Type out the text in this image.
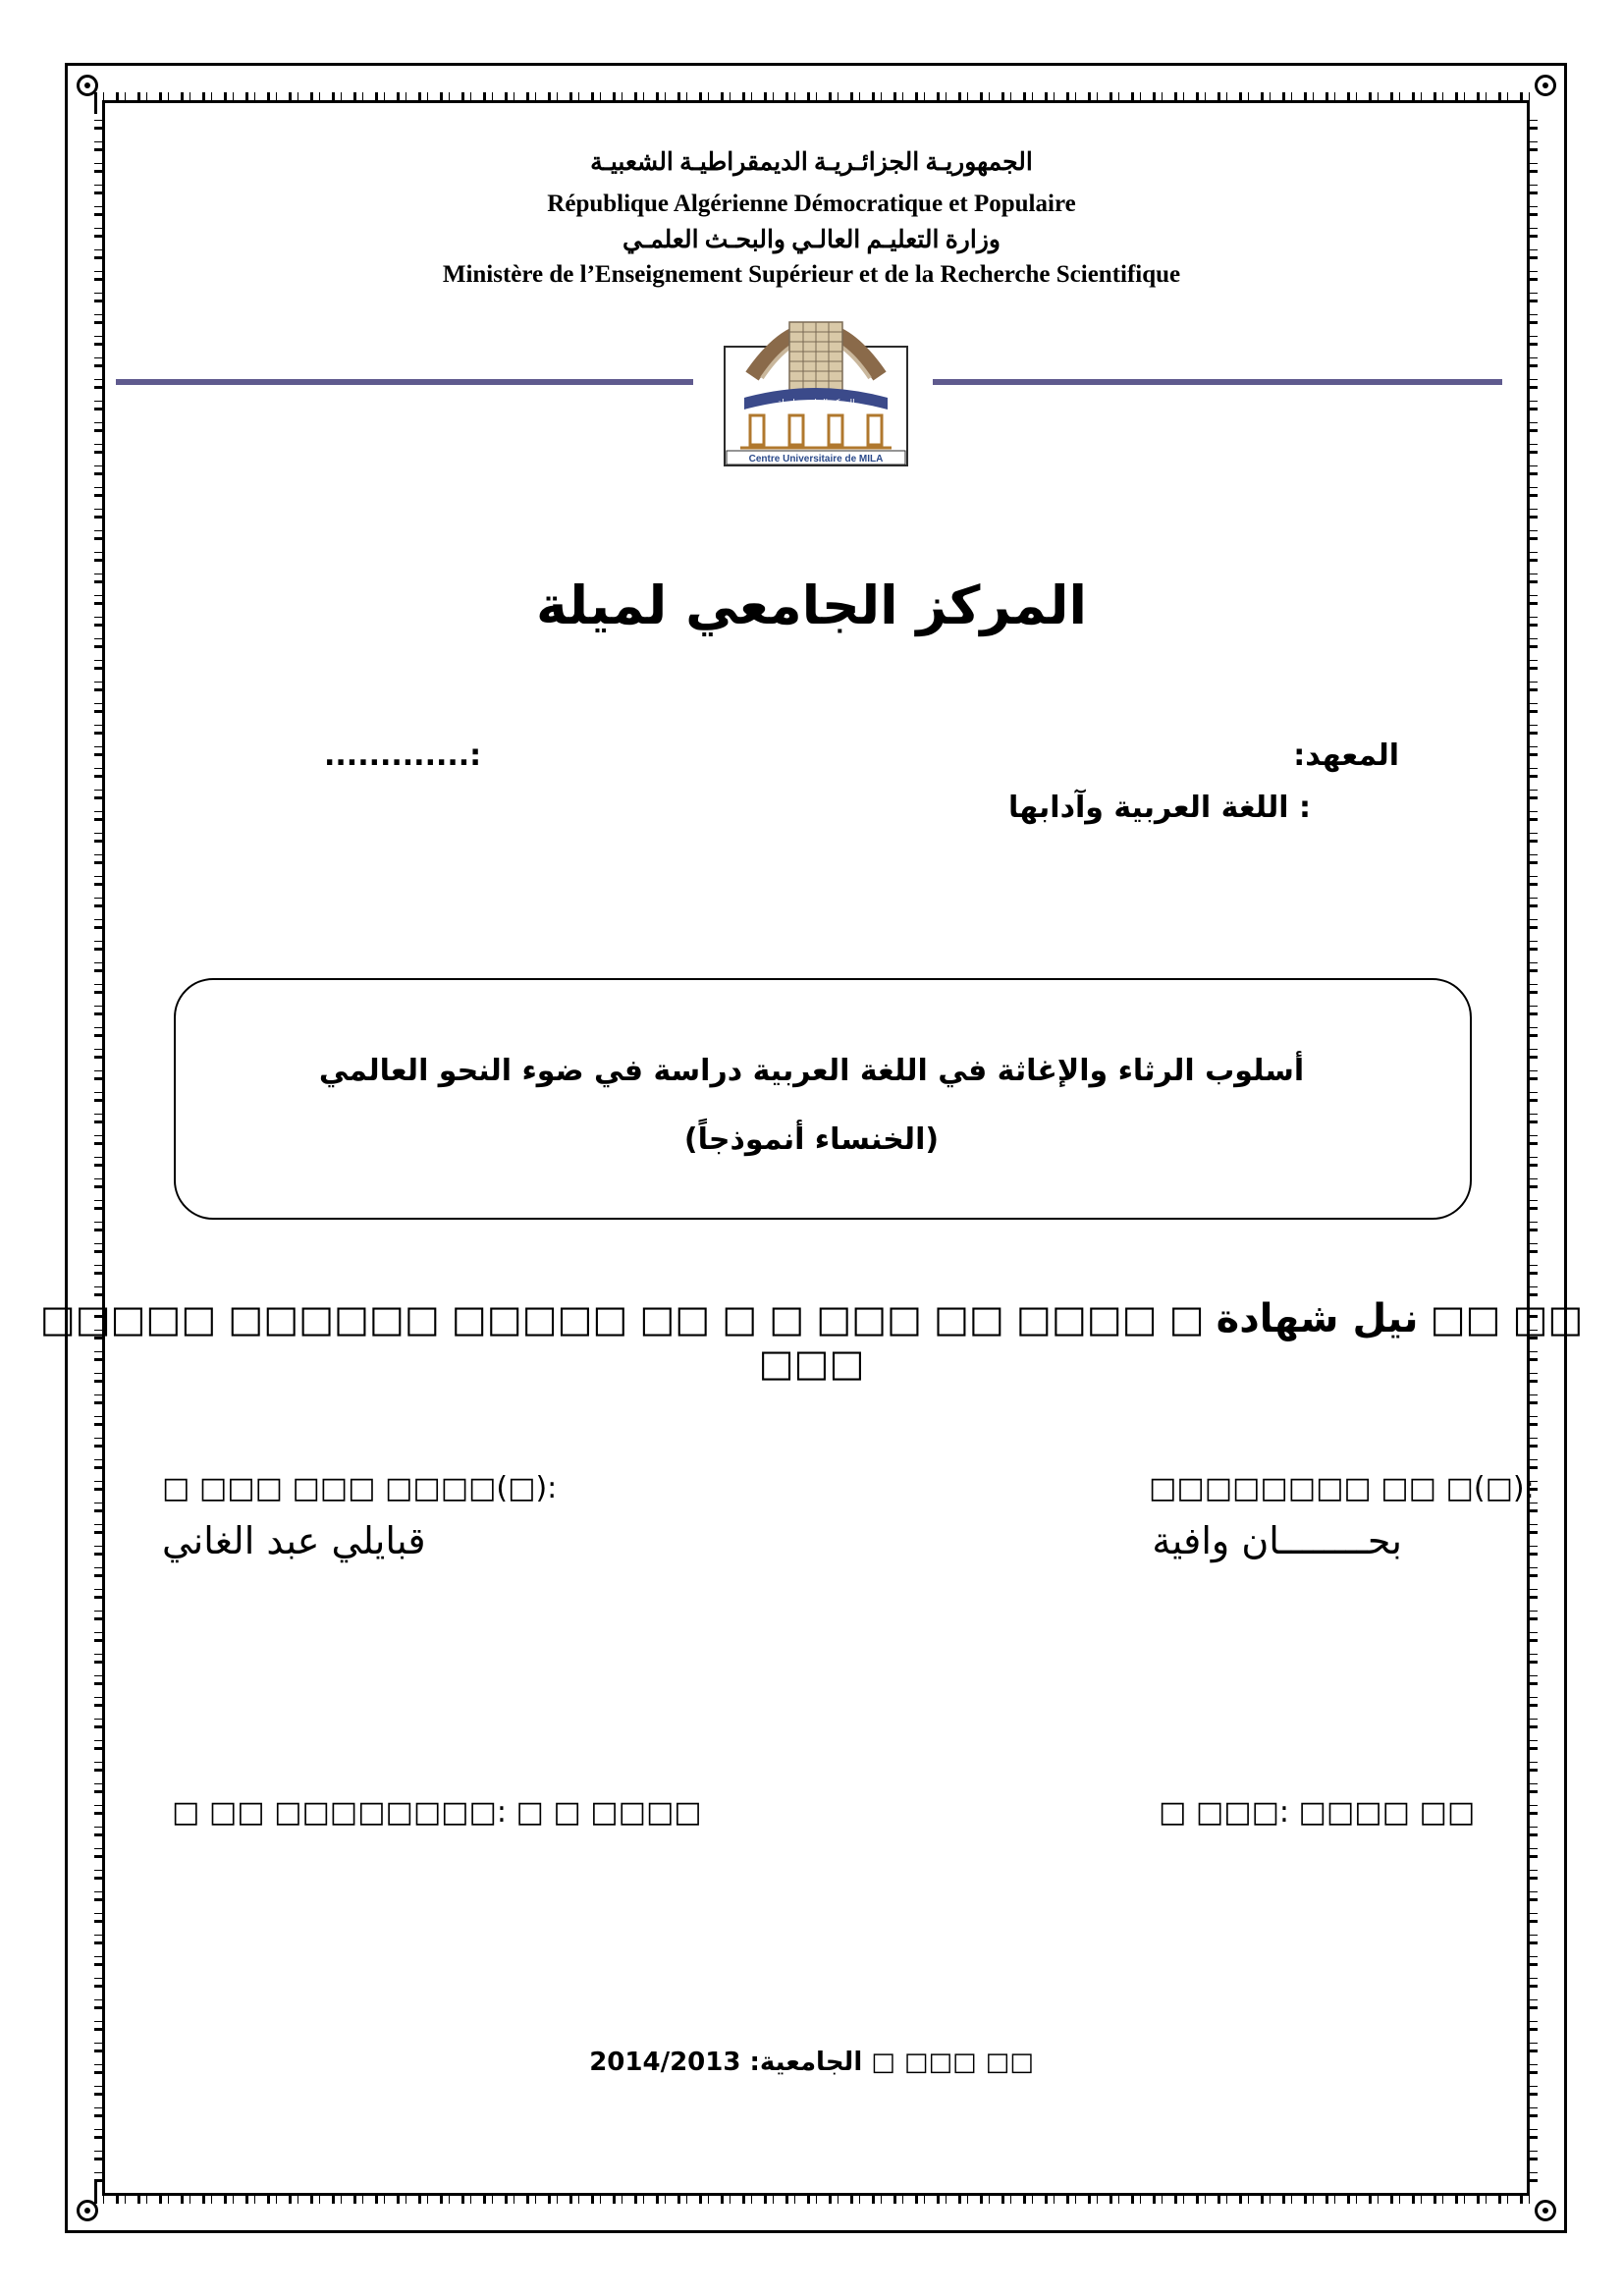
الجمهوريـة الجزائـريـة الديمقراطيـة الشعبيـة
République Algérienne Démocratique et Populaire
وزارة التعليـم العالـي والبحـث العلمـي
Ministère de l’Enseignement Supérieur et de la Recherche Scientifique
المركز الجامعي لميلة
Centre Universitaire de MILA
المركز الجامعي لميلة
المعهد:
.............:
: اللغة العربية وآدابها
أسلوب الرثاء والإغاثة في اللغة العربية دراسة في ضوء النحو العالمي
(الخنساء أنموذجاً)
□□□□□ □□□□□□ □□□□□ □□ □ □ □□□ □□ □□□□ □ نيل شهادة □□ □□ □□□
□□□□□□□□ □□ □(□):
بحــــــــان وافية
□ □□□ □□□ □□□□(□):
قبايلي عبد الغاني
□ □□ □□□□□□□□: □ □ □□□□	□ □□□: □□□□ □□
□□ □□□ □ الجامعية: 2014/2013
